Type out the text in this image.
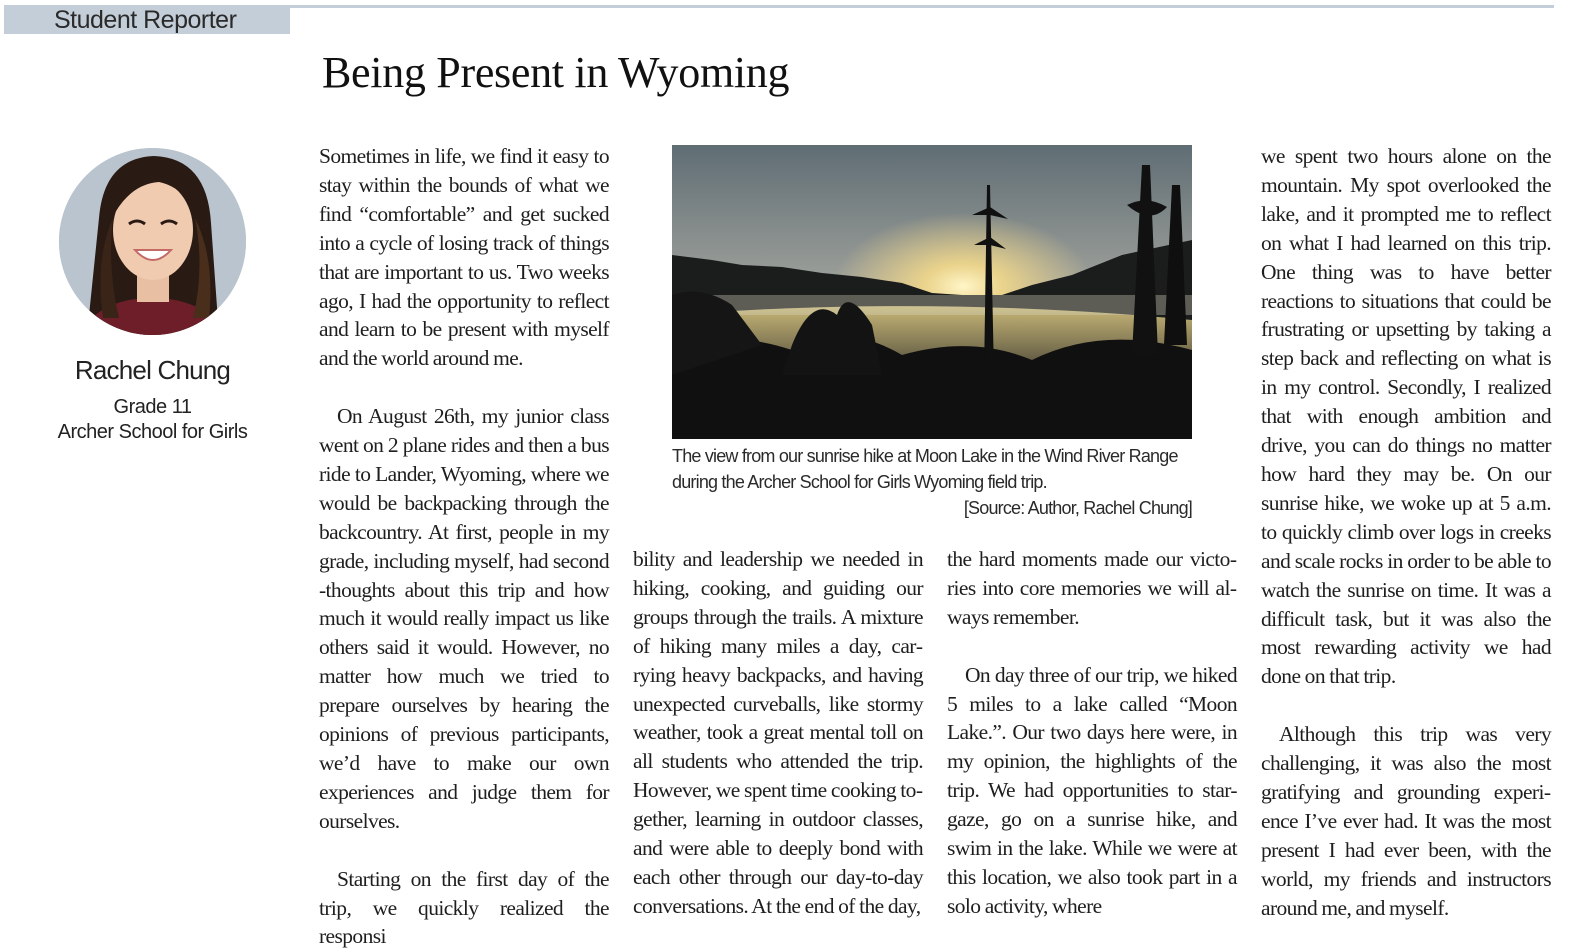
Student Reporter
Being Present in Wyoming
Rachel Chung
Grade 11
Archer School for Girls

Sometimes in life, we find it easy to stay within the bounds of what we find “comfortable” and get sucked into a cycle of losing track of things that are important to us. Two weeks ago, I had the opportunity to reflect and learn to be present with myself and the world around me.

On August 26th, my junior class went on 2 plane rides and then a bus ride to Lander, Wyoming, where we would be backpacking through the backcountry. At first, people in my grade, including myself, had second -thoughts about this trip and how much it would really impact us like others said it would. However, no matter how much we tried to prepare ourselves by hearing the opinions of previous participants, we’d have to make our own experiences and judge them for ourselves.

Starting on the first day of the trip, we quickly realized the responsi

The view from our sunrise hike at Moon Lake in the Wind River Range during the Archer School for Girls Wyoming field trip.
[Source: Author, Rachel Chung]

bility and leadership we needed in hiking, cooking, and guiding our groups through the trails. A mixture of hiking many miles a day, carrying heavy backpacks, and having unexpected curveballs, like stormy weather, took a great mental toll on all students who attended the trip. However, we spent time cooking together, learning in outdoor classes, and were able to deeply bond with each other through our day-to-day conversations. At the end of the day,

the hard moments made our victories into core memories we will always remember.

On day three of our trip, we hiked 5 miles to a lake called “Moon Lake.”. Our two days here were, in my opinion, the highlights of the trip. We had opportunities to star-gaze, go on a sunrise hike, and swim in the lake. While we were at this location, we also took part in a solo activity, where

we spent two hours alone on the mountain. My spot overlooked the lake, and it prompted me to reflect on what I had learned on this trip. One thing was to have better reactions to situations that could be frustrating or upsetting by taking a step back and reflecting on what is in my control. Secondly, I realized that with enough ambition and drive, you can do things no matter how hard they may be. On our sunrise hike, we woke up at 5 a.m. to quickly climb over logs in creeks and scale rocks in order to be able to watch the sunrise on time. It was a difficult task, but it was also the most rewarding activity we had done on that trip.

Although this trip was very challenging, it was also the most gratifying and grounding experience I’ve ever had. It was the most present I had ever been, with the world, my friends and instructors around me, and myself.
